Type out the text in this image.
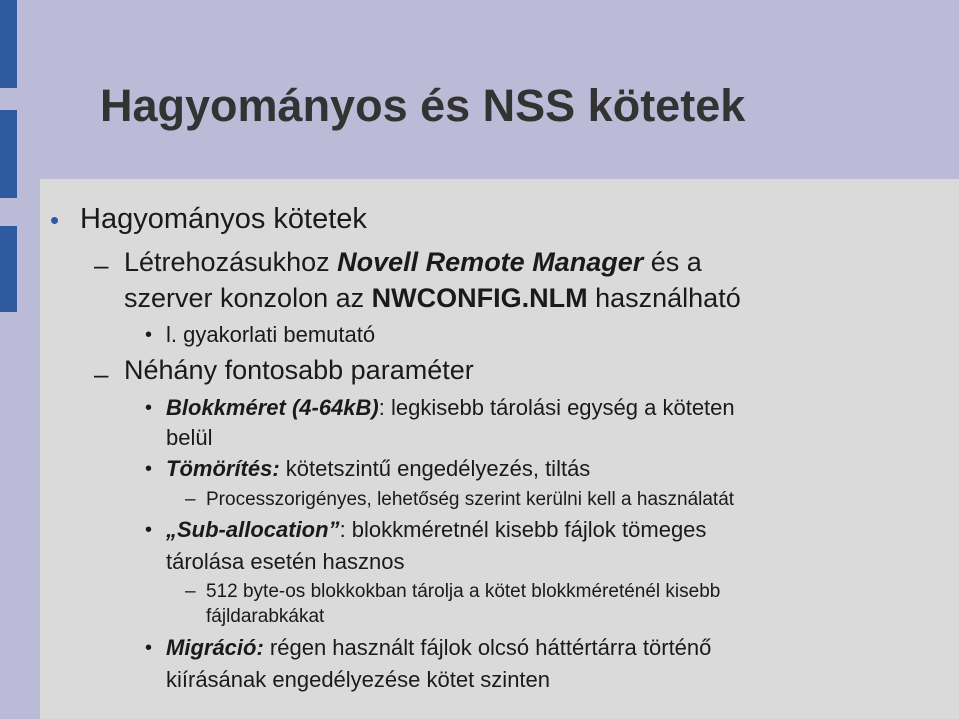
Hagyományos és NSS kötetek
• Hagyományos kötetek
– Létrehozásukhoz Novell Remote Manager és a
szerver konzolon az NWCONFIG.NLM használható
• l. gyakorlati bemutató
– Néhány fontosabb paraméter
• Blokkméret (4-64kB): legkisebb tárolási egység a köteten
belül
• Tömörítés: kötetszintű engedélyezés, tiltás
– Processzorigényes, lehetőség szerint kerülni kell a használatát
• „Sub-allocation”: blokkméretnél kisebb fájlok tömeges
tárolása esetén hasznos
– 512 byte-os blokkokban tárolja a kötet blokkméreténél kisebb
fájldarabkákat
• Migráció: régen használt fájlok olcsó háttértárra történő
kiírásának engedélyezése kötet szinten
